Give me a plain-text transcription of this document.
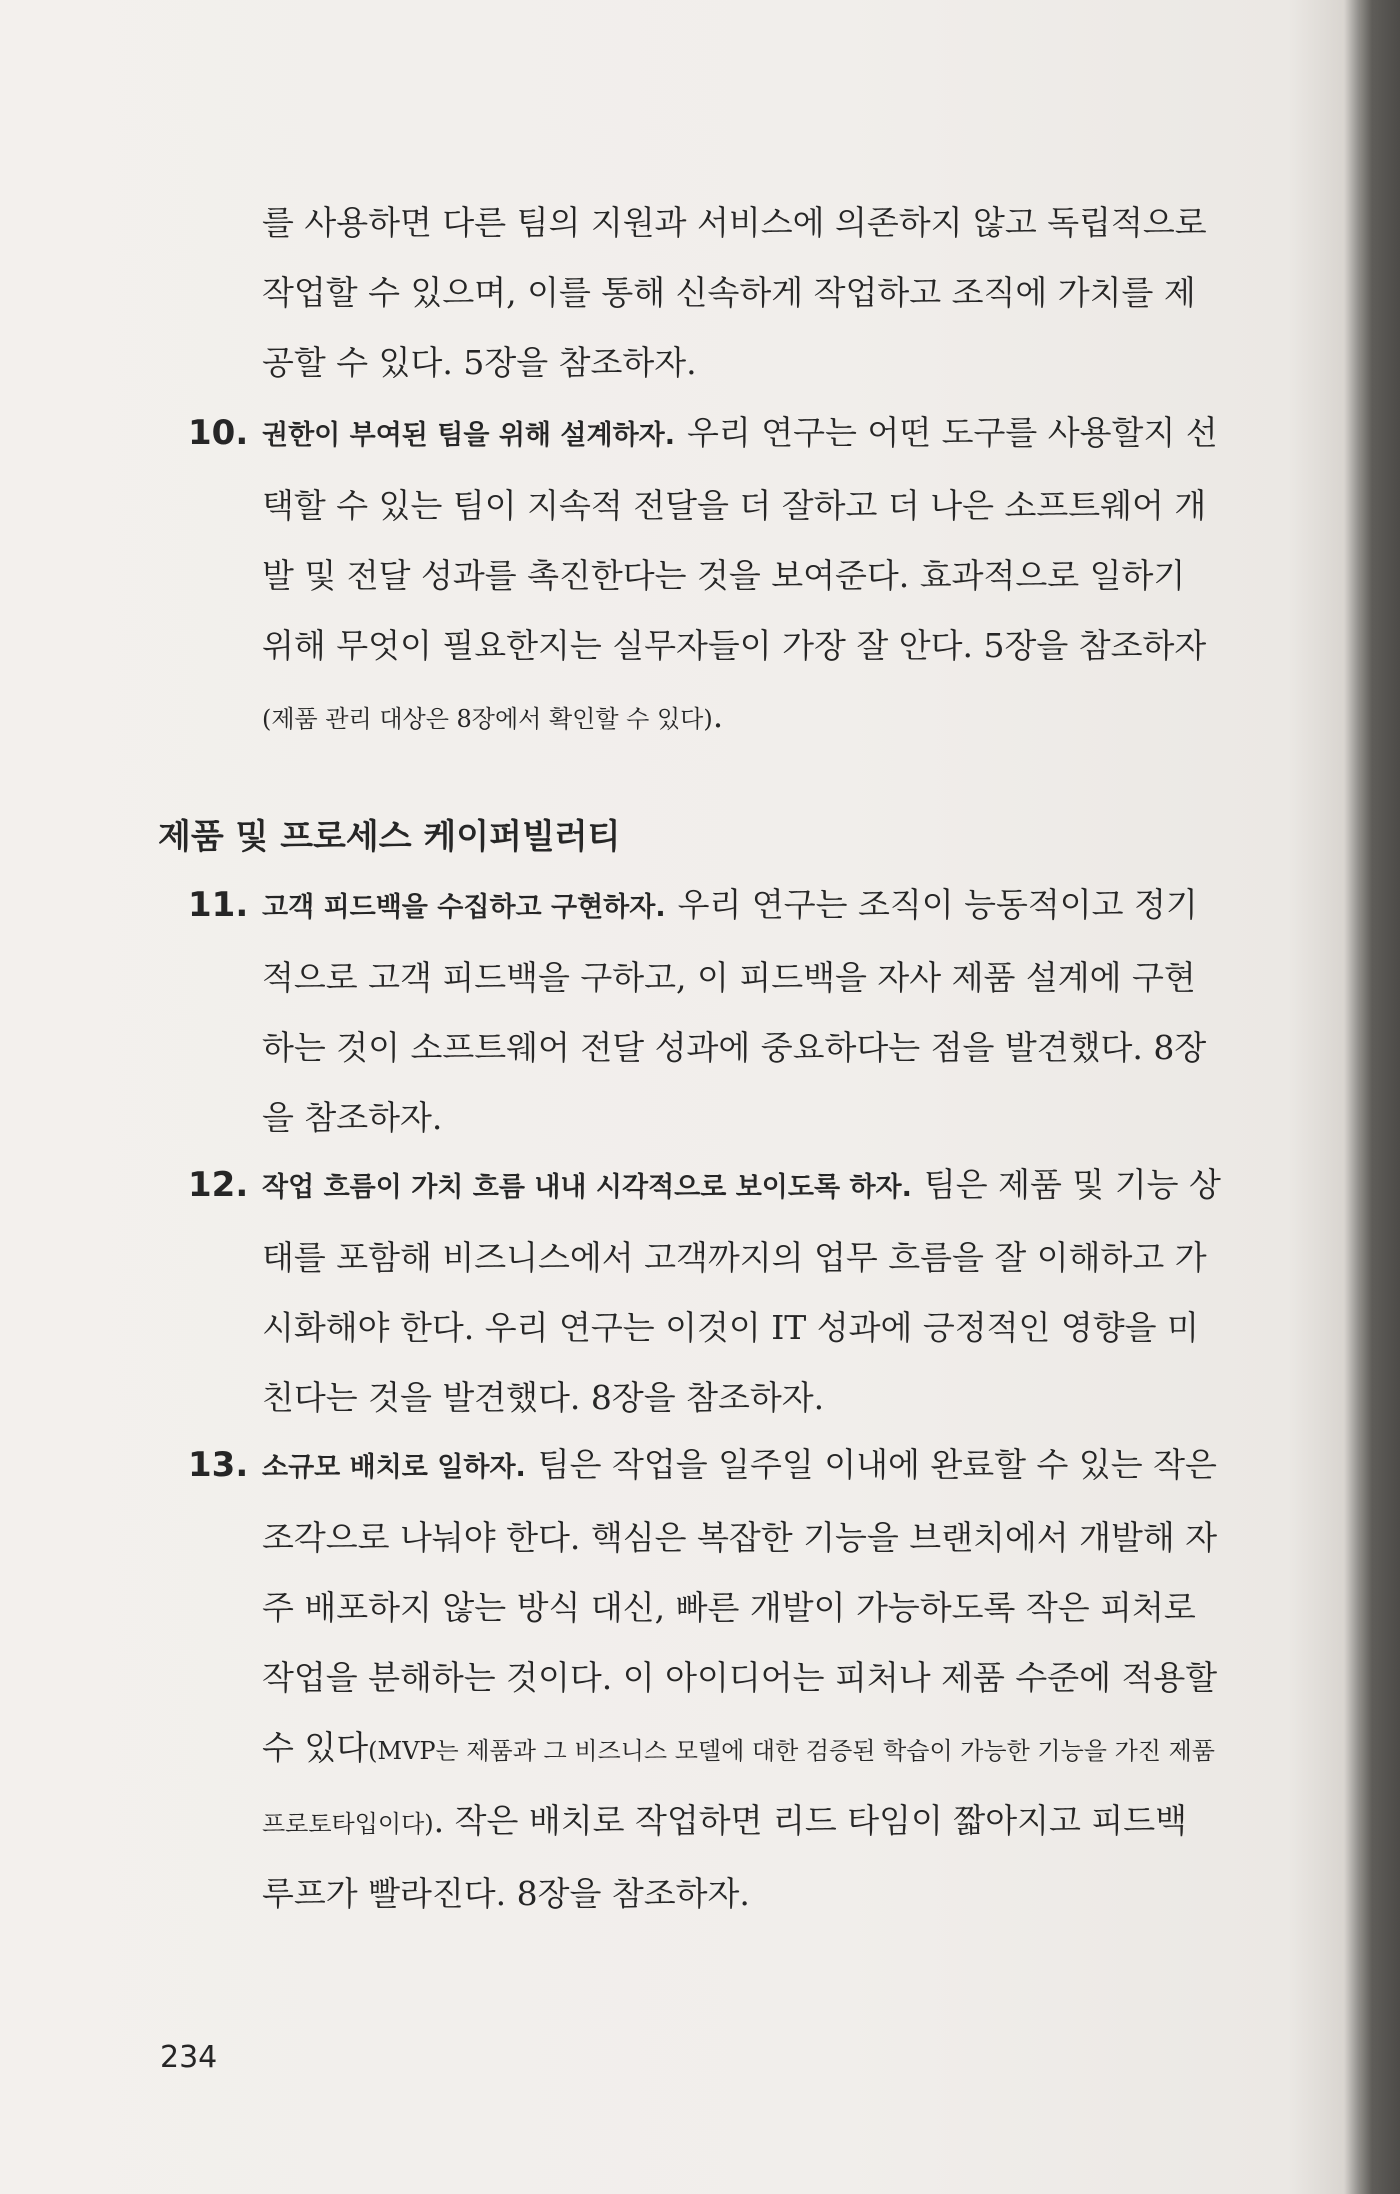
를 사용하면 다른 팀의 지원과 서비스에 의존하지 않고 독립적으로 작업할 수 있으며, 이를 통해 신속하게 작업하고 조직에 가치를 제공할 수 있다. 5장을 참조하자.

10. 권한이 부여된 팀을 위해 설계하자. 우리 연구는 어떤 도구를 사용할지 선택할 수 있는 팀이 지속적 전달을 더 잘하고 더 나은 소프트웨어 개발 및 전달 성과를 촉진한다는 것을 보여준다. 효과적으로 일하기 위해 무엇이 필요한지는 실무자들이 가장 잘 안다. 5장을 참조하자(제품 관리 대상은 8장에서 확인할 수 있다).

제품 및 프로세스 케이퍼빌러티
11. 고객 피드백을 수집하고 구현하자. 우리 연구는 조직이 능동적이고 정기적으로 고객 피드백을 구하고, 이 피드백을 자사 제품 설계에 구현하는 것이 소프트웨어 전달 성과에 중요하다는 점을 발견했다. 8장을 참조하자.

12. 작업 흐름이 가치 흐름 내내 시각적으로 보이도록 하자. 팀은 제품 및 기능 상태를 포함해 비즈니스에서 고객까지의 업무 흐름을 잘 이해하고 가시화해야 한다. 우리 연구는 이것이 IT 성과에 긍정적인 영향을 미친다는 것을 발견했다. 8장을 참조하자.

13. 소규모 배치로 일하자. 팀은 작업을 일주일 이내에 완료할 수 있는 작은 조각으로 나눠야 한다. 핵심은 복잡한 기능을 브랜치에서 개발해 자주 배포하지 않는 방식 대신, 빠른 개발이 가능하도록 작은 피처로 작업을 분해하는 것이다. 이 아이디어는 피처나 제품 수준에 적용할 수 있다(MVP는 제품과 그 비즈니스 모델에 대한 검증된 학습이 가능한 기능을 가진 제품 프로토타입이다). 작은 배치로 작업하면 리드 타임이 짧아지고 피드백 루프가 빨라진다. 8장을 참조하자.

234
